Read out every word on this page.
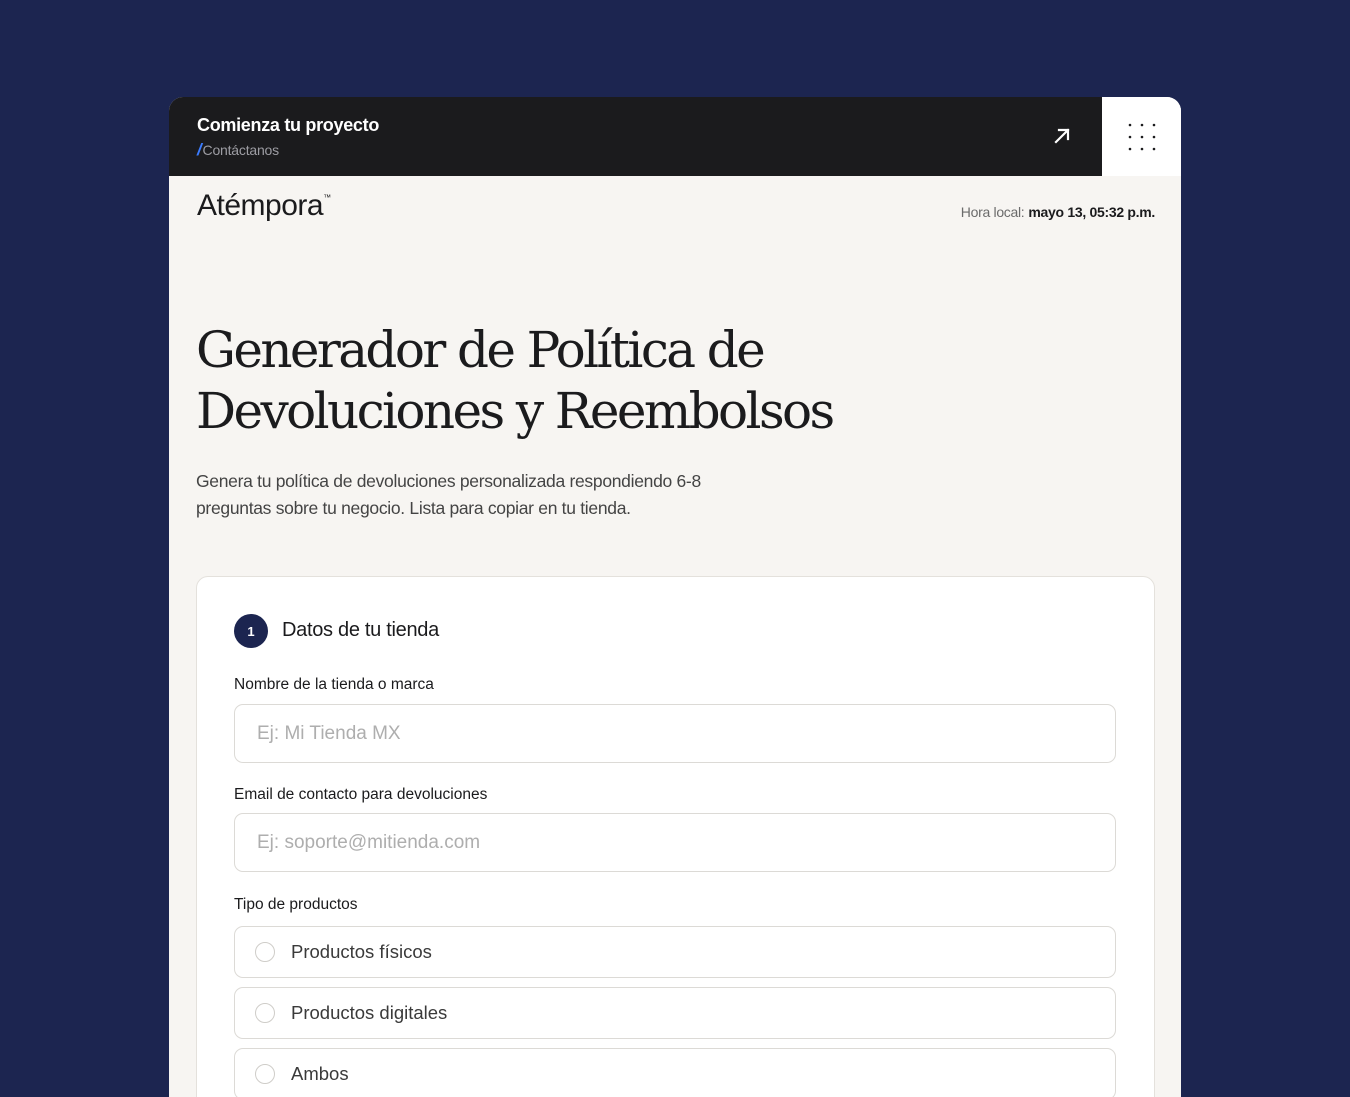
Comienza tu proyecto
/Contáctanos
Atémpora™
Hora local: mayo 13, 05:32 p.m.
Generador de Política de
Devoluciones y Reembolsos

Genera tu política de devoluciones personalizada respondiendo 6-8 preguntas sobre tu negocio. Lista para copiar en tu tienda.

1	Datos de tu tienda
Nombre de la tienda o marca
Ej: Mi Tienda MX
Email de contacto para devoluciones
Ej: soporte@mitienda.com
Tipo de productos
Productos físicos
Productos digitales
Ambos
